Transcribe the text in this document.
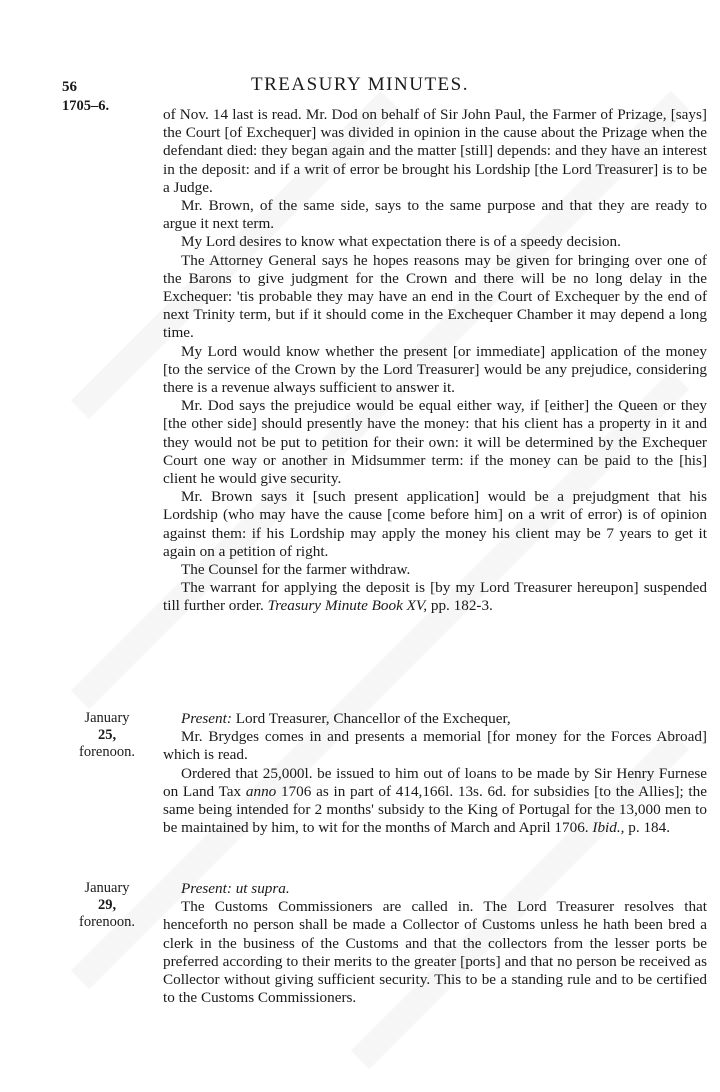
56	TREASURY MINUTES.
1705–6.	of Nov. 14 last is read. Mr. Dod on behalf of Sir John Paul, the Farmer of Prizage, [says] the Court [of Exchequer] was divided in opinion in the cause about the Prizage when the defendant died: they began again and the matter [still] depends: and they have an interest in the deposit: and if a writ of error be brought his Lordship [the Lord Treasurer] is to be a Judge.

Mr. Brown, of the same side, says to the same purpose and that they are ready to argue it next term.

My Lord desires to know what expectation there is of a speedy decision.

The Attorney General says he hopes reasons may be given for bringing over one of the Barons to give judgment for the Crown and there will be no long delay in the Exchequer: 'tis probable they may have an end in the Court of Exchequer by the end of next Trinity term, but if it should come in the Exchequer Chamber it may depend a long time.

My Lord would know whether the present [or immediate] application of the money [to the service of the Crown by the Lord Treasurer] would be any prejudice, considering there is a revenue always sufficient to answer it.

Mr. Dod says the prejudice would be equal either way, if [either] the Queen or they [the other side] should presently have the money: that his client has a property in it and they would not be put to petition for their own: it will be determined by the Exchequer Court one way or another in Midsummer term: if the money can be paid to the [his] client he would give security.

Mr. Brown says it [such present application] would be a prejudgment that his Lordship (who may have the cause [come before him] on a writ of error) is of opinion against them: if his Lordship may apply the money his client may be 7 years to get it again on a petition of right.

The Counsel for the farmer withdraw.

The warrant for applying the deposit is [by my Lord Treasurer hereupon] suspended till further order. Treasury Minute Book XV, pp. 182-3.

January
25,
forenoon.

Present: Lord Treasurer, Chancellor of the Exchequer,

Mr. Brydges comes in and presents a memorial [for money for the Forces Abroad] which is read.

Ordered that 25,000l. be issued to him out of loans to be made by Sir Henry Furnese on Land Tax anno 1706 as in part of 414,166l. 13s. 6d. for subsidies [to the Allies]; the same being intended for 2 months' subsidy to the King of Portugal for the 13,000 men to be maintained by him, to wit for the months of March and April 1706. Ibid., p. 184.

January
29,
forenoon.

Present: ut supra.

The Customs Commissioners are called in. The Lord Treasurer resolves that henceforth no person shall be made a Collector of Customs unless he hath been bred a clerk in the business of the Customs and that the collectors from the lesser ports be preferred according to their merits to the greater [ports] and that no person be received as Collector without giving sufficient security. This to be a standing rule and to be certified to the Customs Commissioners.
